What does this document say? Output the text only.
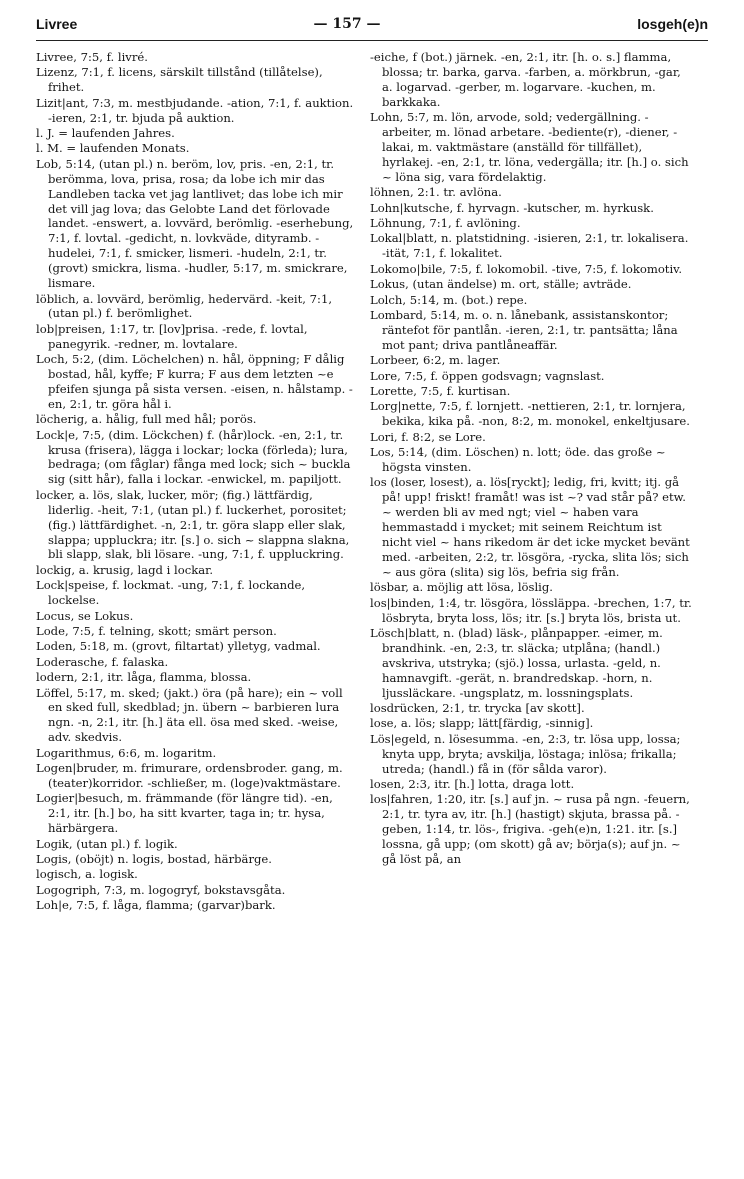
Livree	— 157 —	losgeh(e)n

Livree, 7:5, f. livré.

Lizenz, 7:1, f. licens, särskilt tillstånd (tillåtelse), frihet.

Lizit|ant, 7:3, m. mestbjudande. -ation, 7:1, f. auktion. -ieren, 2:1, tr. bjuda på auktion.

l. J. = laufenden Jahres.

l. M. = laufenden Monats.

Lob, 5:14, (utan pl.) n. beröm, lov, pris. -en, 2:1, tr. berömma, lova, prisa, rosa; da lobe ich mir das Landleben tacka vet jag lantlivet; das lobe ich mir det vill jag lova; das Gelobte Land det förlovade landet. -enswert, a. lovvärd, berömlig. -eserhebung, 7:1, f. lovtal. -gedicht, n. lovkväde, dityramb. -hudelei, 7:1, f. smicker, lismeri. -hudeln, 2:1, tr. (grovt) smickra, lisma. -hudler, 5:17, m. smickrare, lismare.

löblich, a. lovvärd, berömlig, hedervärd. -keit, 7:1, (utan pl.) f. berömlighet.

lob|preisen, 1:17, tr. [lov]prisa. -rede, f. lovtal, panegyrik. -redner, m. lovtalare.

Loch, 5:2, (dim. Löchelchen) n. hål, öppning; F dålig bostad, hål, kyffe; F kurra; F aus dem letzten ~e pfeifen sjunga på sista versen. -eisen, n. hålstamp. -en, 2:1, tr. göra hål i.

löcherig, a. hålig, full med hål; porös.

Lock|e, 7:5, (dim. Löckchen) f. (hår)lock. -en, 2:1, tr. krusa (frisera), lägga i lockar; locka (förleda); lura, bedraga; (om fåglar) fånga med lock; sich ~ buckla sig (sitt hår), falla i lockar. -enwickel, m. papiljott.

locker, a. lös, slak, lucker, mör; (fig.) lättfärdig, liderlig. -heit, 7:1, (utan pl.) f. luckerhet, porositet; (fig.) lättfärdighet. -n, 2:1, tr. göra slapp eller slak, slappa; uppluckra; itr. [s.] o. sich ~ slappna slakna, bli slapp, slak, bli lösare. -ung, 7:1, f. uppluckring.

lockig, a. krusig, lagd i lockar.

Lock|speise, f. lockmat. -ung, 7:1, f. lockande, lockelse.

Locus, se Lokus.

Lode, 7:5, f. telning, skott; smärt person.

Loden, 5:18, m. (grovt, filtartat) ylletyg, vadmal.

Loderasche, f. falaska.

lodern, 2:1, itr. låga, flamma, blossa.

Löffel, 5:17, m. sked; (jakt.) öra (på hare); ein ~ voll en sked full, skedblad; jn. übern ~ barbieren lura ngn. -n, 2:1, itr. [h.] äta ell. ösa med sked. -weise, adv. skedvis.

Logarithmus, 6:6, m. logaritm.

Logen|bruder, m. frimurare, ordensbroder. gang, m. (teater)korridor. -schließer, m. (loge)vaktmästare.

Logier|besuch, m. främmande (för längre tid). -en, 2:1, itr. [h.] bo, ha sitt kvarter, taga in; tr. hysa, härbärgera.

Logik, (utan pl.) f. logik.

Logis, (oböjt) n. logis, bostad, härbärge.

logisch, a. logisk.

Logogriph, 7:3, m. logogryf, bokstavsgåta.

Loh|e, 7:5, f. låga, flamma; (garvar)bark.

-eiche, f (bot.) järnek. -en, 2:1, itr. [h. o. s.] flamma, blossa; tr. barka, garva. -farben, a. mörkbrun, -gar, a. logarvad. -gerber, m. logarvare. -kuchen, m. barkkaka.

Lohn, 5:7, m. lön, arvode, sold; vedergällning. -arbeiter, m. lönad arbetare. -bediente(r), -diener, -lakai, m. vaktmästare (anställd för tillfället), hyrlakej. -en, 2:1, tr. löna, vedergälla; itr. [h.] o. sich ~ löna sig, vara fördelaktig.

löhnen, 2:1. tr. avlöna.

Lohn|kutsche, f. hyrvagn. -kutscher, m. hyrkusk.

Löhnung, 7:1, f. avlöning.

Lokal|blatt, n. platstidning. -isieren, 2:1, tr. lokalisera. -ität, 7:1, f. lokalitet.

Lokomo|bile, 7:5, f. lokomobil. -tive, 7:5, f. lokomotiv.

Lokus, (utan ändelse) m. ort, ställe; avträde.

Lolch, 5:14, m. (bot.) repe.

Lombard, 5:14, m. o. n. lånebank, assistanskontor; räntefot för pantlån. -ieren, 2:1, tr. pantsätta; låna mot pant; driva pantlåneaffär.

Lorbeer, 6:2, m. lager.

Lore, 7:5, f. öppen godsvagn; vagnslast.

Lorette, 7:5, f. kurtisan.

Lorg|nette, 7:5, f. lornjett. -nettieren, 2:1, tr. lornjera, bekika, kika på. -non, 8:2, m. monokel, enkeltjusare.

Lori, f. 8:2, se Lore.

Los, 5:14, (dim. Löschen) n. lott; öde. das große ~ högsta vinsten.

los (loser, losest), a. lös[ryckt]; ledig, fri, kvitt; itj. gå på! upp! friskt! framåt! was ist ~? vad står på? etw. ~ werden bli av med ngt; viel ~ haben vara hemmastadd i mycket; mit seinem Reichtum ist nicht viel ~ hans rikedom är det icke mycket bevänt med. -arbeiten, 2:2, tr. lösgöra, -rycka, slita lös; sich ~ aus göra (slita) sig lös, befria sig från.

lösbar, a. möjlig att lösa, löslig.

los|binden, 1:4, tr. lösgöra, lössläppa. -brechen, 1:7, tr. lösbryta, bryta loss, lös; itr. [s.] bryta lös, brista ut.

Lösch|blatt, n. (blad) läsk-, plånpapper. -eimer, m. brandhink. -en, 2:3, tr. släcka; utplåna; (handl.) avskriva, utstryka; (sjö.) lossa, urlasta. -geld, n. hamnavgift. -gerät, n. brandredskap. -horn, n. ljussläckare. -ungsplatz, m. lossningsplats.

losdrücken, 2:1, tr. trycka [av skott].

lose, a. lös; slapp; lätt[färdig, -sinnig].

Lös|egeld, n. lösesumma. -en, 2:3, tr. lösa upp, lossa; knyta upp, bryta; avskilja, löstaga; inlösa; frikalla; utreda; (handl.) få in (för sålda varor).

losen, 2:3, itr. [h.] lotta, draga lott.

los|fahren, 1:20, itr. [s.] auf jn. ~ rusa på ngn. -feuern, 2:1, tr. tyra av, itr. [h.] (hastigt) skjuta, brassa på. -geben, 1:14, tr. lös-, frigiva. -geh(e)n, 1:21. itr. [s.] lossna, gå upp; (om skott) gå av; börja(s); auf jn. ~ gå löst på, an
